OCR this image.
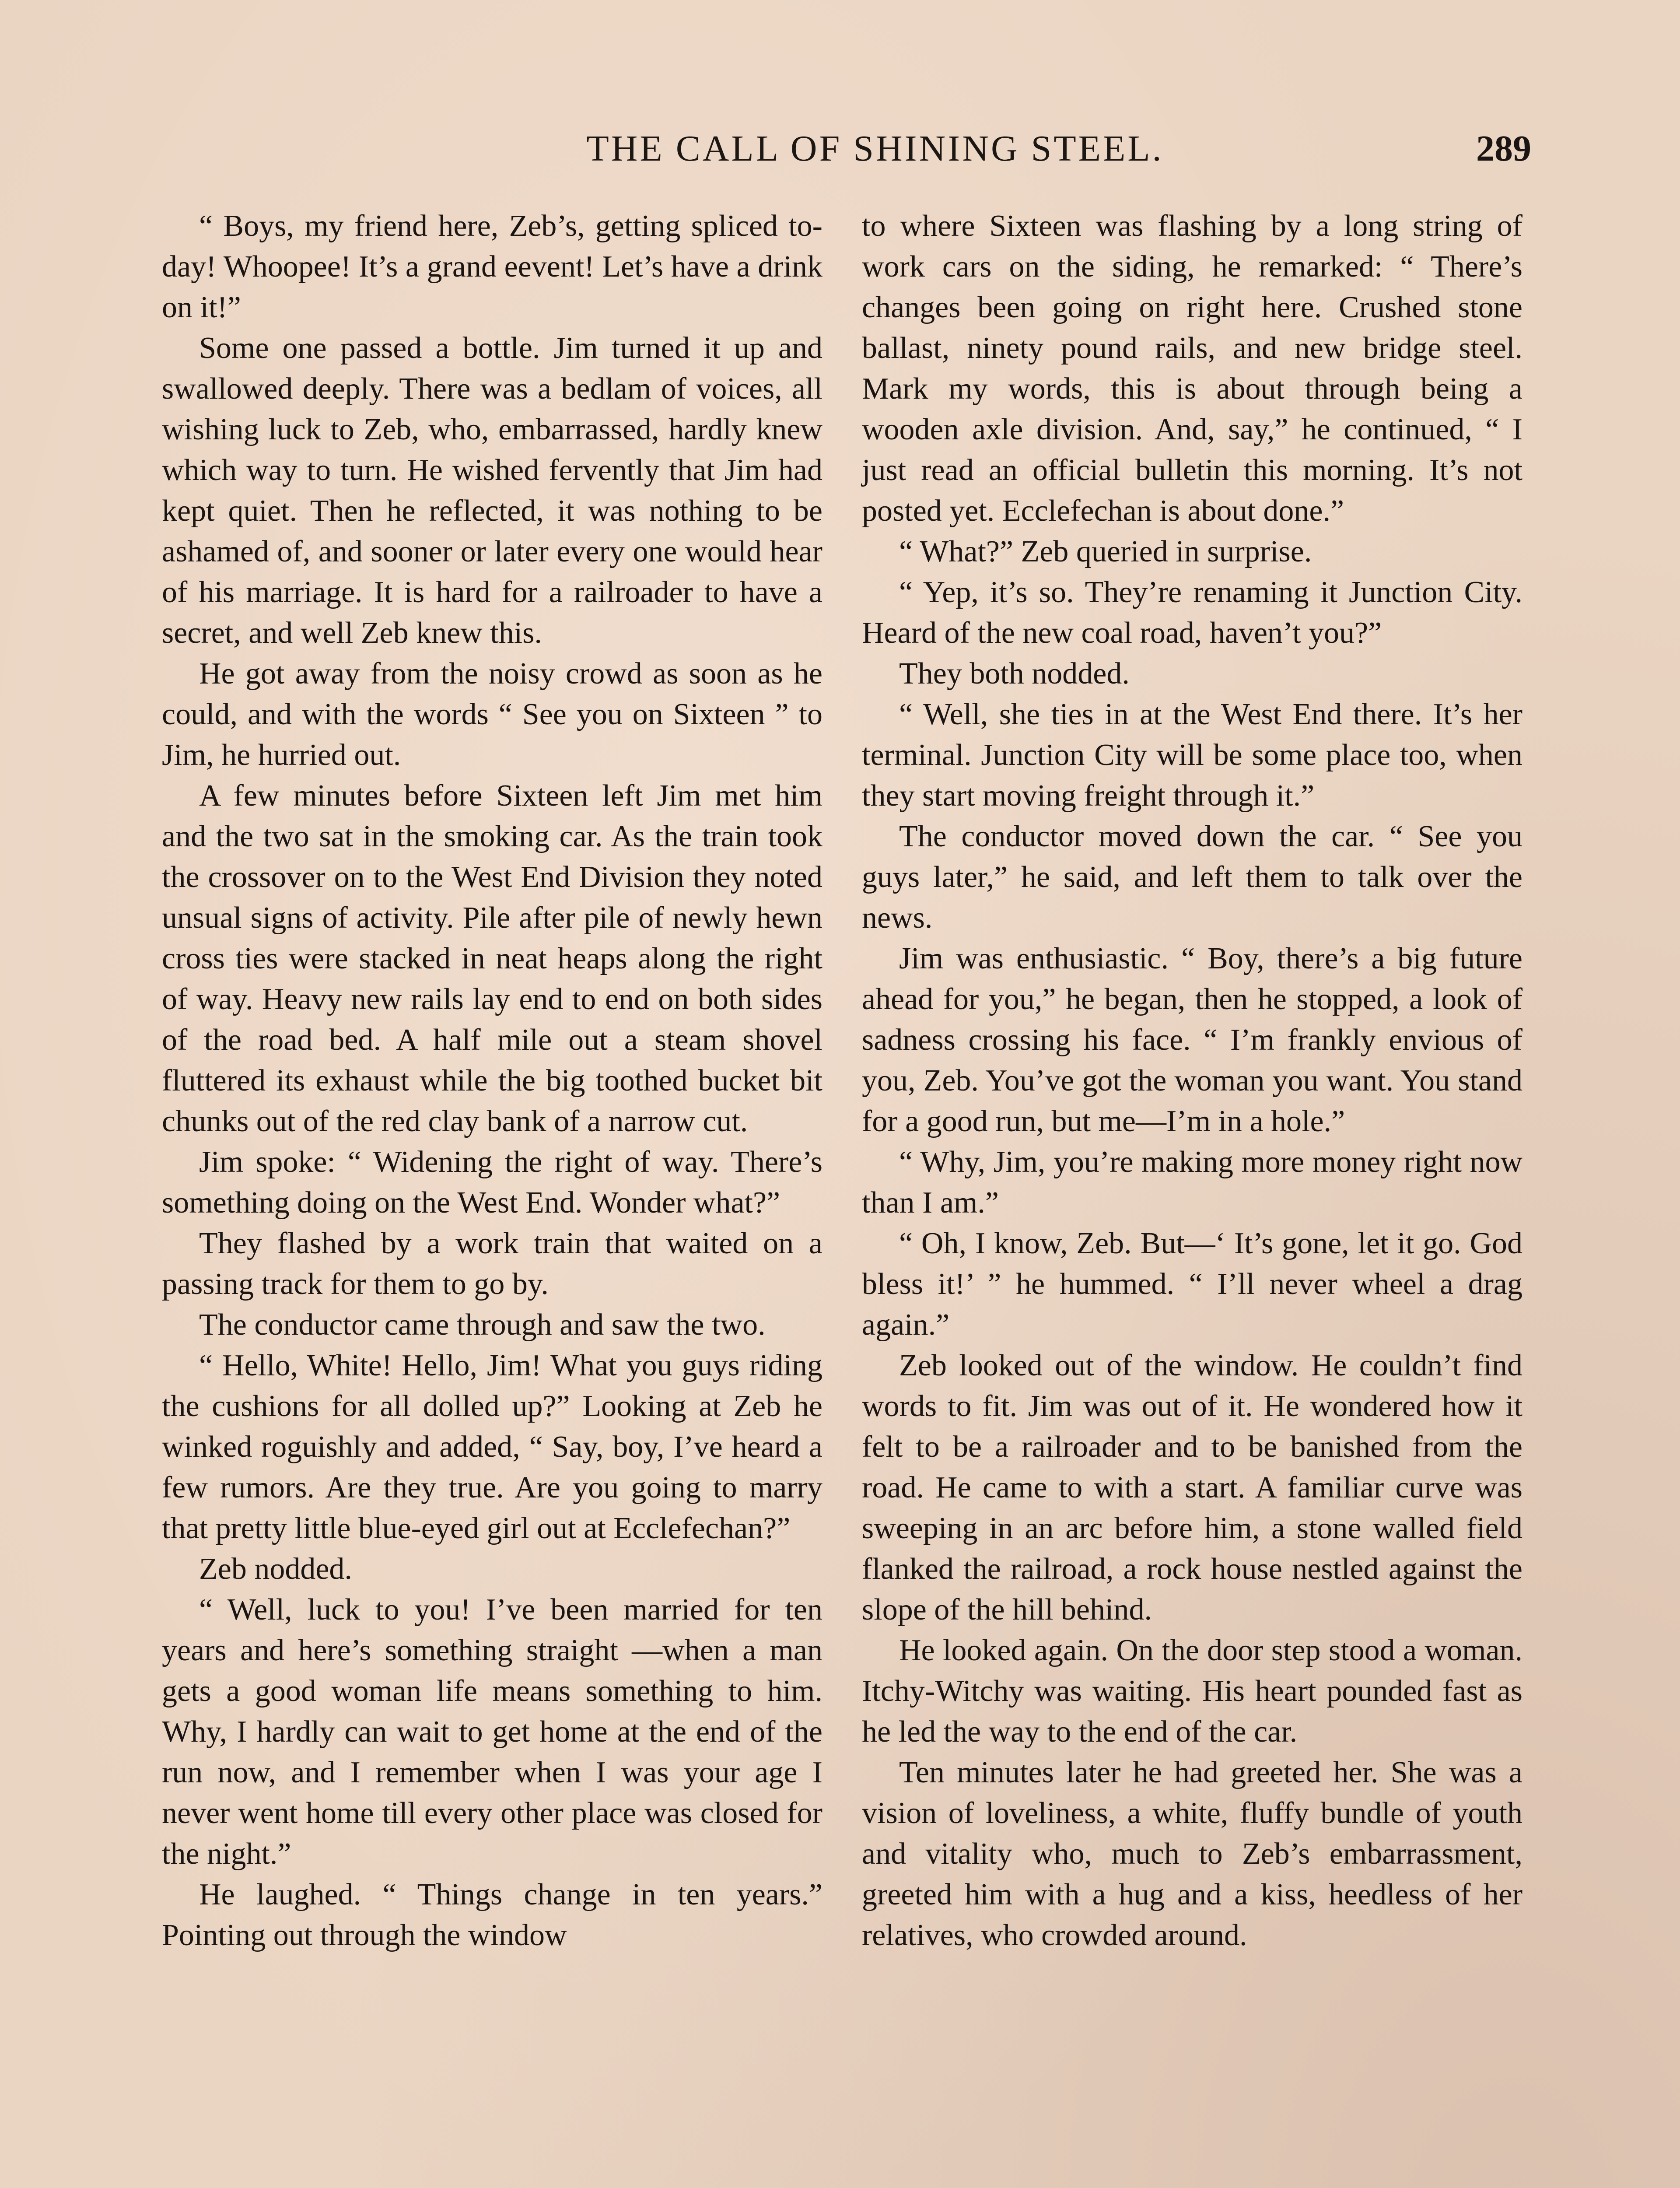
THE CALL OF SHINING STEEL.	289

“ Boys, my friend here, Zeb’s, getting spliced to-day! Whoopee! It’s a grand eevent! Let’s have a drink on it!”

Some one passed a bottle. Jim turned it up and swallowed deeply. There was a bedlam of voices, all wishing luck to Zeb, who, embarrassed, hardly knew which way to turn. He wished fervently that Jim had kept quiet. Then he reflected, it was nothing to be ashamed of, and sooner or later every one would hear of his marriage. It is hard for a railroader to have a secret, and well Zeb knew this.

He got away from the noisy crowd as soon as he could, and with the words “ See you on Sixteen ” to Jim, he hurried out.

A few minutes before Sixteen left Jim met him and the two sat in the smoking car. As the train took the crossover on to the West End Division they noted unsual signs of activity. Pile after pile of newly hewn cross ties were stacked in neat heaps along the right of way. Heavy new rails lay end to end on both sides of the road bed. A half mile out a steam shovel fluttered its exhaust while the big toothed bucket bit chunks out of the red clay bank of a narrow cut.

Jim spoke: “ Widening the right of way. There’s something doing on the West End. Wonder what?”

They flashed by a work train that waited on a passing track for them to go by.

The conductor came through and saw the two.

“ Hello, White! Hello, Jim! What you guys riding the cushions for all dolled up?” Looking at Zeb he winked roguishly and added, “ Say, boy, I’ve heard a few rumors. Are they true. Are you going to marry that pretty little blue-eyed girl out at Ecclefechan?”

Zeb nodded.

“ Well, luck to you! I’ve been married for ten years and here’s something straight —when a man gets a good woman life means something to him. Why, I hardly can wait to get home at the end of the run now, and I remember when I was your age I never went home till every other place was closed for the night.”

He laughed. “ Things change in ten years.” Pointing out through the window

to where Sixteen was flashing by a long string of work cars on the siding, he remarked: “ There’s changes been going on right here. Crushed stone ballast, ninety pound rails, and new bridge steel. Mark my words, this is about through being a wooden axle division. And, say,” he continued, “ I just read an official bulletin this morning. It’s not posted yet. Ecclefechan is about done.”

“ What?” Zeb queried in surprise.

“ Yep, it’s so. They’re renaming it Junction City. Heard of the new coal road, haven’t you?”

They both nodded.

“ Well, she ties in at the West End there. It’s her terminal. Junction City will be some place too, when they start moving freight through it.”

The conductor moved down the car. “ See you guys later,” he said, and left them to talk over the news.

Jim was enthusiastic. “ Boy, there’s a big future ahead for you,” he began, then he stopped, a look of sadness crossing his face. “ I’m frankly envious of you, Zeb. You’ve got the woman you want. You stand for a good run, but me—I’m in a hole.”

“ Why, Jim, you’re making more money right now than I am.”

“ Oh, I know, Zeb. But—‘ It’s gone, let it go. God bless it!’ ” he hummed. “ I’ll never wheel a drag again.”

Zeb looked out of the window. He couldn’t find words to fit. Jim was out of it. He wondered how it felt to be a railroader and to be banished from the road. He came to with a start. A familiar curve was sweeping in an arc before him, a stone walled field flanked the railroad, a rock house nestled against the slope of the hill behind.

He looked again. On the door step stood a woman. Itchy-Witchy was waiting. His heart pounded fast as he led the way to the end of the car.

Ten minutes later he had greeted her. She was a vision of loveliness, a white, fluffy bundle of youth and vitality who, much to Zeb’s embarrassment, greeted him with a hug and a kiss, heedless of her relatives, who crowded around.
